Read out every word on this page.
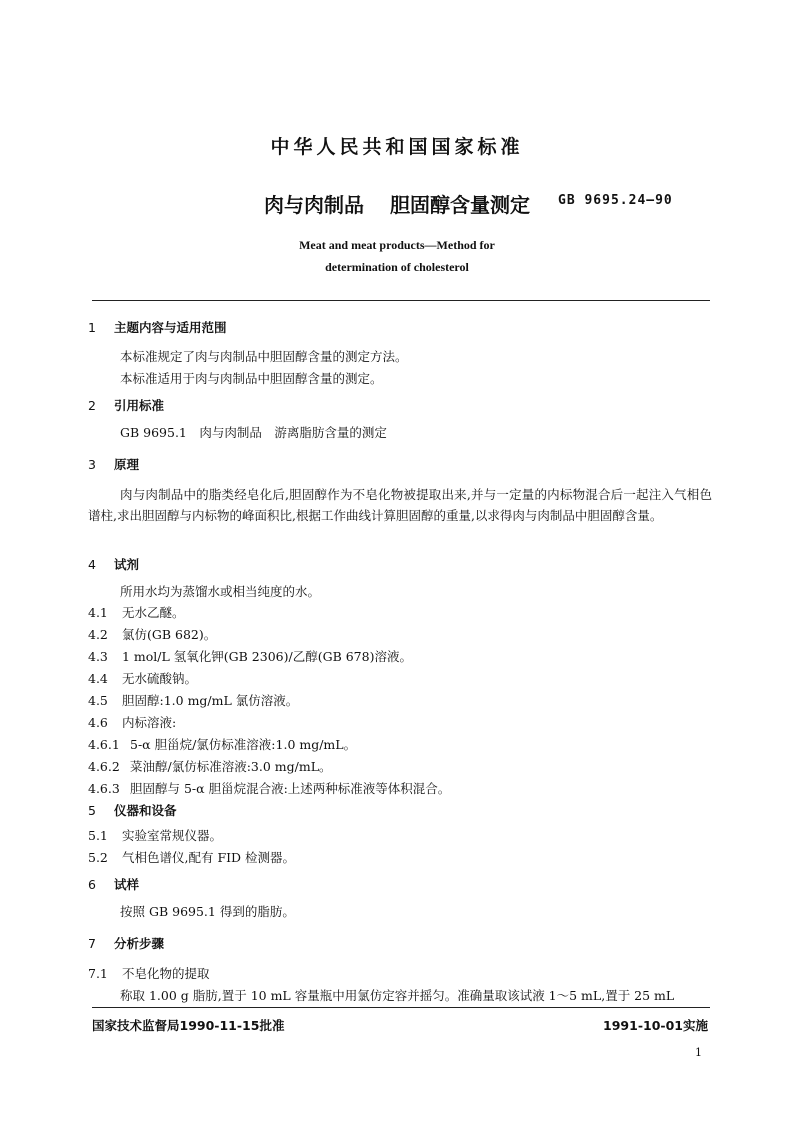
中华人民共和国国家标准
肉与肉制品 胆固醇含量测定	GB 9695.24—90
Meat and meat products—Method for
determination of cholesterol
1 主题内容与适用范围
本标准规定了肉与肉制品中胆固醇含量的测定方法。
本标准适用于肉与肉制品中胆固醇含量的测定。
2 引用标准
GB 9695.1　肉与肉制品　游离脂肪含量的测定
3 原理
肉与肉制品中的脂类经皂化后,胆固醇作为不皂化物被提取出来,并与一定量的内标物混合后一起注入气相色谱柱,求出胆固醇与内标物的峰面积比,根据工作曲线计算胆固醇的重量,以求得肉与肉制品中胆固醇含量。
4 试剂
所用水均为蒸馏水或相当纯度的水。
4.1 无水乙醚。
4.2 氯仿(GB 682)。
4.3 1 mol/L 氢氧化钾(GB 2306)/乙醇(GB 678)溶液。
4.4 无水硫酸钠。
4.5 胆固醇:1.0 mg/mL 氯仿溶液。
4.6 内标溶液:
4.6.1 5-α 胆甾烷/氯仿标准溶液:1.0 mg/mL。
4.6.2 菜油醇/氯仿标准溶液:3.0 mg/mL。
4.6.3 胆固醇与 5-α 胆甾烷混合液:上述两种标准液等体积混合。
5 仪器和设备
5.1 实验室常规仪器。
5.2 气相色谱仪,配有 FID 检测器。
6 试样
按照 GB 9695.1 得到的脂肪。
7 分析步骤
7.1 不皂化物的提取
称取 1.00 g 脂肪,置于 10 mL 容量瓶中用氯仿定容并摇匀。准确量取该试液 1～5 mL,置于 25 mL
国家技术监督局1990-11-15批准	1991-10-01实施
1
